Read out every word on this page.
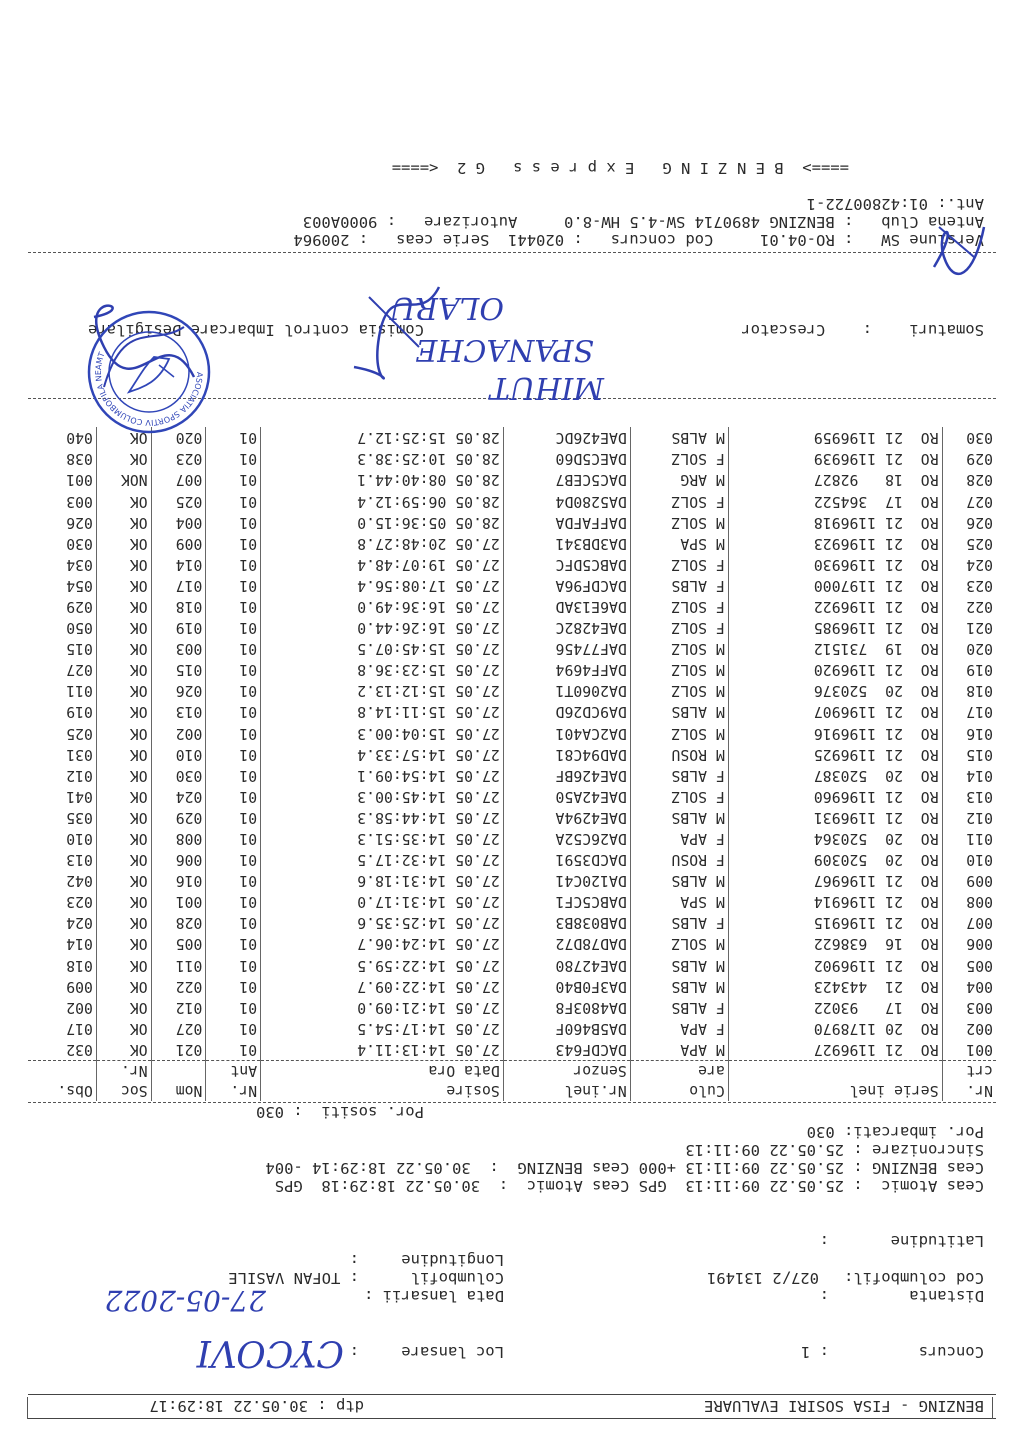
BENZING - FISA SOSIRI EVALUARE
dtp : 30.05.22 18:29:17
Concurs
: 1
Loc lansare
:
Distanta
:
Data lansarii :
Cod columbofil:
027/2 131491
Columbofil
: TOFAN VASILE
Latitudine
:
Longitudine
:
Ceas Atomic  : 25.05.22 09:11:13  GPS Ceas Atomic  :  30.05.22 18:29:18  GPS
Ceas BENZING : 25.05.22 09:11:13 +000 Ceas BENZING  :  30.05.22 18:29:14 -004
Sincronizare : 25.05.22 09:11:13
Por. imbarcati: 030
Por. sositi  : 030
Nr.	Serie inel	Culo	Nr.inel	Sosire	Nr.	Nom	Soc	Obs.
crt		are	Senzor	Data Ora	Ant		Nr.	
001	RO  21 1196927	M APA	DACDF643	27.05 14:13:11.4	01	021	OK	032
002	RO  20 1178970	F APA	DA5B460F	27.05 14:17:54.5	01	027	OK	017
003	RO  17   93022	F ALBS	DA4803F8	27.05 14:21:09.0	01	012	OK	002
004	RO  21  443423	M ALBS	DA3F0B40	27.05 14:22:09.7	01	022	OK	009
005	RO  21 1196902	M ALBS	DAE42780	27.05 14:22:59.5	01	011	OK	018
006	RO  16  638622	M SOLZ	DAD78D72	27.05 14:24:06.7	01	005	OK	014
007	RO  21 1196915	F ALBS	DAB038B3	27.05 14:25:35.6	01	028	OK	024
008	RO  21 1196914	M SPA	DABC5CF1	27.05 14:31:17.0	01	001	OK	023
009	RO  21 1196967	M ALBS	DA120C41	27.05 14:31:18.6	01	016	OK	042
010	RO  20  520309	F ROSU	DACD3591	27.05 14:32:17.5	01	006	OK	013
011	RO  20  520364	F APA	DA26C52A	27.05 14:35:51.3	01	008	OK	010
012	RO  21 1196931	M ALBS	DAE4294A	27.05 14:44:58.3	01	029	OK	035
013	RO  21 1196960	F SOLZ	DAE42A50	27.05 14:45:00.3	01	024	OK	041
014	RO  20  520387	F ALBS	DAE426BF	27.05 14:54:09.1	01	030	OK	012
015	RO  21 1196925	M ROSU	DAD94C81	27.05 14:57:33.4	01	010	OK	031
016	RO  21 1196916	M SOLZ	DA2CA401	27.05 15:04:00.3	01	002	OK	025
017	RO  21 1196907	M ALBS	DA9CD26D	27.05 15:11:14.8	01	013	OK	019
018	RO  20  520376	M SOLZ	DA2060T1	27.05 15:12:13.2	01	026	OK	011
019	RO  21 1196920	M SOLZ	DAFF4694	27.05 15:23:36.8	01	015	OK	027
020	RO  19  731512	M SOLZ	DAF77456	27.05 15:45:07.5	01	003	OK	015
021	RO  21 1196985	F SOLZ	DAE4282C	27.05 16:26:44.0	01	019	OK	050
022	RO  21 1196922	F SOLZ	DA6E13AD	27.05 16:36:49.0	01	018	OK	029
023	RO  21 1197000	F ALBS	DACDF96A	27.05 17:08:56.4	01	017	OK	054
024	RO  21 1196930	F SOLZ	DABC5DFC	27.05 19:07:48.4	01	014	OK	034
025	RO  21 1196923	M SPA	DA3DB341	27.05 20:48:27.8	01	009	OK	030
026	RO  21 1196918	M SOLZ	DAFFAFDA	28.05 05:36:15.0	01	004	OK	026
027	RO  17  364522	F SOLZ	DA5280D4	28.05 06:59:12.4	01	025	OK	003
028	RO  18   92827	M ARG	DAC5CEB7	28.05 08:40:44.1	01	007	NOK	001
029	RO  21 1196939	F SOLZ	DAEC5D60	28.05 10:25:38.3	01	023	OK	038
030	RO  21 1196959	M ALBS	DAE426DC	28.05 15:25:12.7	01	020	OK	040
Somaturi    :    Crescator
Comisia control Imbarcare Desigilare
Versiune SW   : RO-04.01     Cod concurs   : 020441  Serie ceas   : 200964
Antena Club   : BENZING 4890714 SW-4.5 HW-8.0     Autorizare   : 9000A003
Ant.: 01:42800722-1
====>  B E N Z I N G   E x p r e s s   G 2  <====
CYCOVI
27-05-2022
MIHUT
SPANACHE
OLARU
ASOCIATIA SPORTIV COLUMBOFILA NEAMT
